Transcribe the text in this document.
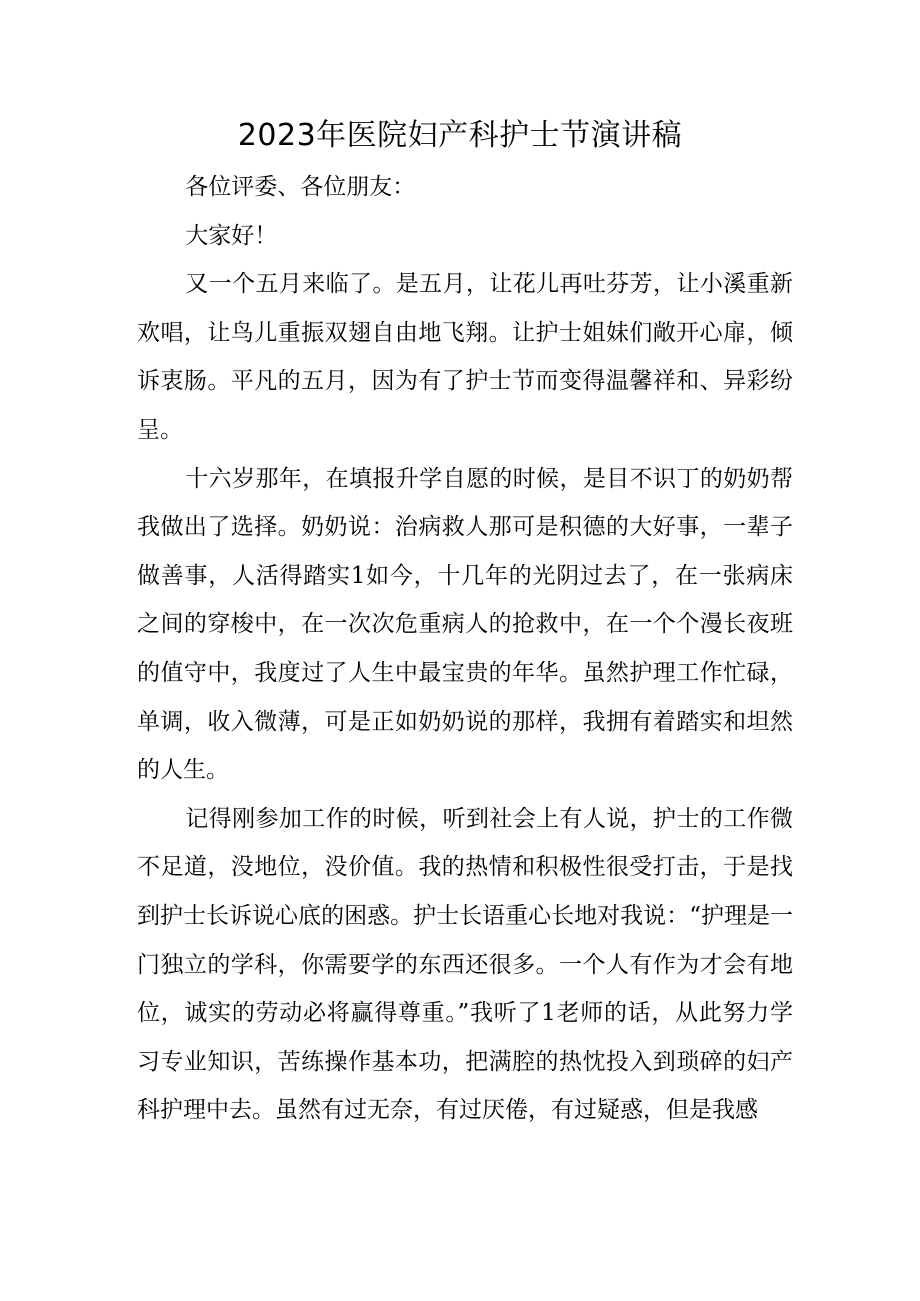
2023年医院妇产科护士节演讲稿

各位评委、各位朋友：

大家好！

又一个五月来临了。是五月，让花儿再吐芬芳，让小溪重新欢唱，让鸟儿重振双翅自由地飞翔。让护士姐妹们敞开心扉，倾诉衷肠。平凡的五月，因为有了护士节而变得温馨祥和、异彩纷呈。

十六岁那年，在填报升学自愿的时候，是目不识丁的奶奶帮我做出了选择。奶奶说：治病救人那可是积德的大好事，一辈子做善事，人活得踏实1如今，十几年的光阴过去了，在一张病床之间的穿梭中，在一次次危重病人的抢救中，在一个个漫长夜班的值守中，我度过了人生中最宝贵的年华。虽然护理工作忙碌，单调，收入微薄，可是正如奶奶说的那样，我拥有着踏实和坦然的人生。

记得刚参加工作的时候，听到社会上有人说，护士的工作微不足道，没地位，没价值。我的热情和积极性很受打击，于是找到护士长诉说心底的困惑。护士长语重心长地对我说：“护理是一门独立的学科，你需要学的东西还很多。一个人有作为才会有地位，诚实的劳动必将赢得尊重。”我听了1老师的话，从此努力学习专业知识，苦练操作基本功，把满腔的热忱投入到琐碎的妇产科护理中去。虽然有过无奈，有过厌倦，有过疑惑，但是我感
